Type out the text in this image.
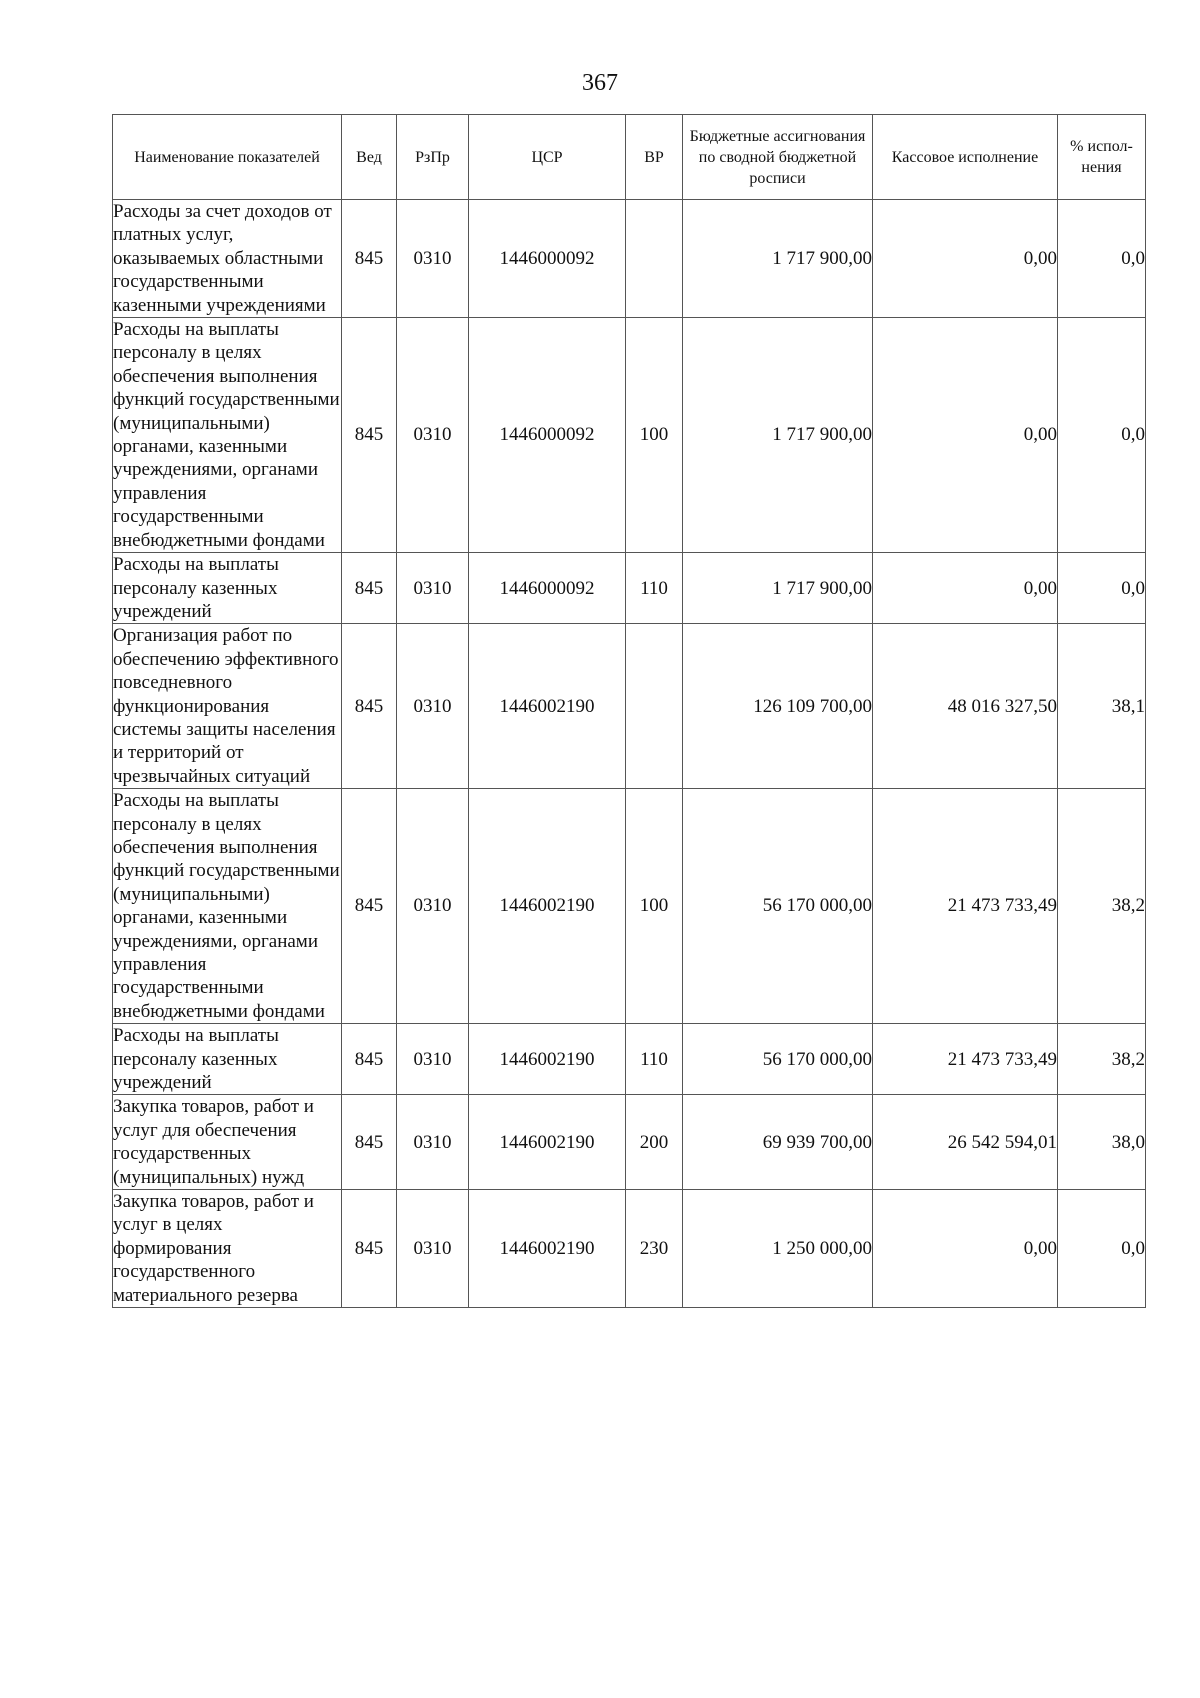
367
Наименование показателей	Вед	РзПр	ЦСР	ВР	Бюджетные ассигнования по сводной бюджетной росписи	Кассовое исполнение	% испол-нения
Расходы за счет доходов от платных услуг, оказываемых областными государственными казенными учреждениями	845	0310	1446000092		1 717 900,00	0,00	0,0
Расходы на выплаты персоналу в целях обеспечения выполнения функций государственными (муниципальными) органами, казенными учреждениями, органами управления государственными внебюджетными фондами	845	0310	1446000092	100	1 717 900,00	0,00	0,0
Расходы на выплаты персоналу казенных учреждений	845	0310	1446000092	110	1 717 900,00	0,00	0,0
Организация работ по обеспечению эффективного повседневного функционирования системы защиты населения и территорий от чрезвычайных ситуаций	845	0310	1446002190		126 109 700,00	48 016 327,50	38,1
Расходы на выплаты персоналу в целях обеспечения выполнения функций государственными (муниципальными) органами, казенными учреждениями, органами управления государственными внебюджетными фондами	845	0310	1446002190	100	56 170 000,00	21 473 733,49	38,2
Расходы на выплаты персоналу казенных учреждений	845	0310	1446002190	110	56 170 000,00	21 473 733,49	38,2
Закупка товаров, работ и услуг для обеспечения государственных (муниципальных) нужд	845	0310	1446002190	200	69 939 700,00	26 542 594,01	38,0
Закупка товаров, работ и услуг в целях формирования государственного материального резерва	845	0310	1446002190	230	1 250 000,00	0,00	0,0
